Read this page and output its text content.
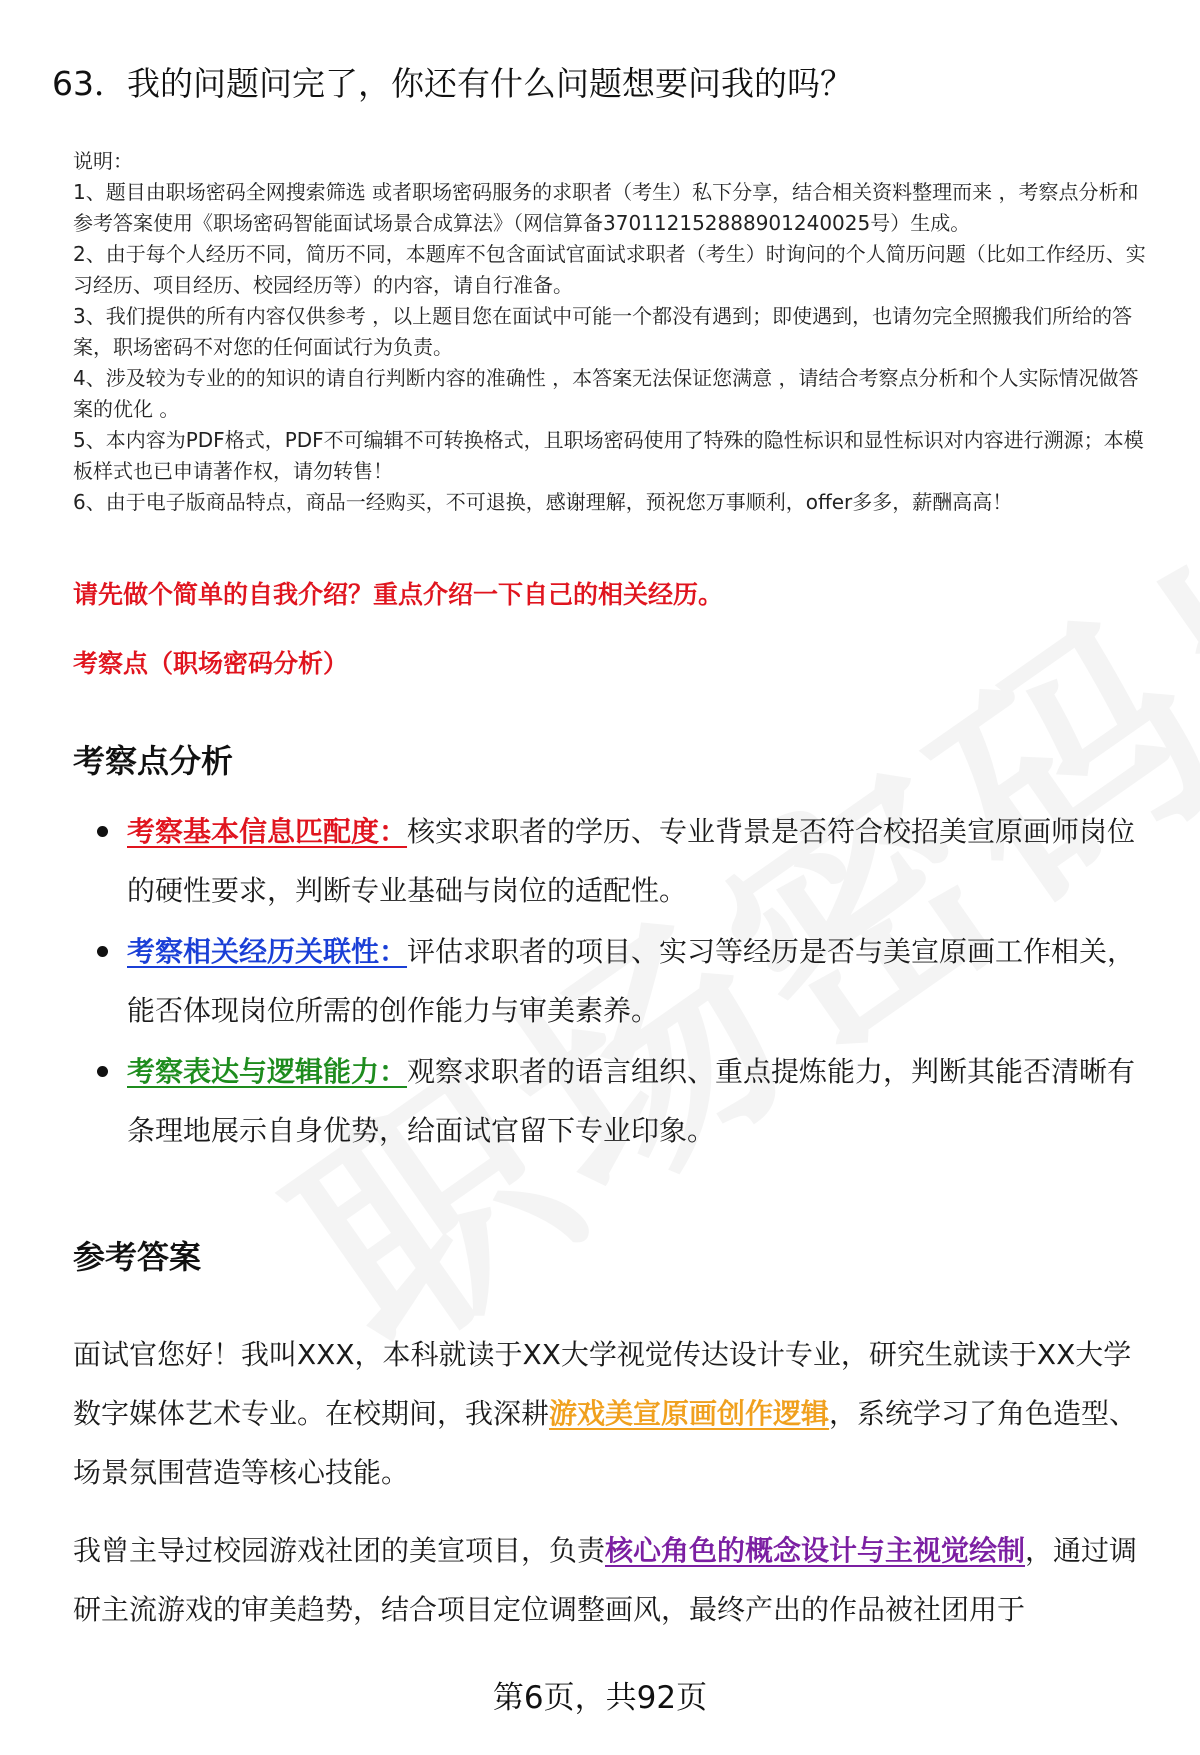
63．我的问题问完了，你还有什么问题想要问我的吗？

说明：

1、题目由职场密码全网搜索筛选 或者职场密码服务的求职者（考生）私下分享，结合相关资料整理而来 ，考察点分析和参考答案使用《职场密码智能面试场景合成算法》（网信算备370112152888901240025号）生成。

2、由于每个人经历不同，简历不同，本题库不包含面试官面试求职者（考生）时询问的个人简历问题（比如工作经历、实习经历、项目经历、校园经历等）的内容，请自行准备。

3、我们提供的所有内容仅供参考 ，以上题目您在面试中可能一个都没有遇到；即使遇到，也请勿完全照搬我们所给的答案，职场密码不对您的任何面试行为负责。

4、涉及较为专业的的知识的请自行判断内容的准确性 ，本答案无法保证您满意 ，请结合考察点分析和个人实际情况做答案的优化 。

5、本内容为PDF格式，PDF不可编辑不可转换格式，且职场密码使用了特殊的隐性标识和显性标识对内容进行溯源；本模板样式也已申请著作权，请勿转售！

6、由于电子版商品特点，商品一经购买，不可退换，感谢理解，预祝您万事顺利，offer多多，薪酬高高！

请先做个简单的自我介绍？重点介绍一下自己的相关经历。
考察点（职场密码分析）
考察点分析
考察基本信息匹配度：核实求职者的学历、专业背景是否符合校招美宣原画师岗位的硬性要求，判断专业基础与岗位的适配性。
考察相关经历关联性：评估求职者的项目、实习等经历是否与美宣原画工作相关，能否体现岗位所需的创作能力与审美素养。
考察表达与逻辑能力：观察求职者的语言组织、重点提炼能力，判断其能否清晰有条理地展示自身优势，给面试官留下专业印象。
参考答案

面试官您好！我叫XXX，本科就读于XX大学视觉传达设计专业，研究生就读于XX大学数字媒体艺术专业。在校期间，我深耕游戏美宣原画创作逻辑，系统学习了角色造型、场景氛围营造等核心技能。

我曾主导过校园游戏社团的美宣项目，负责核心角色的概念设计与主视觉绘制，通过调研主流游戏的审美趋势，结合项目定位调整画风，最终产出的作品被社团用于

第6页，共92页
